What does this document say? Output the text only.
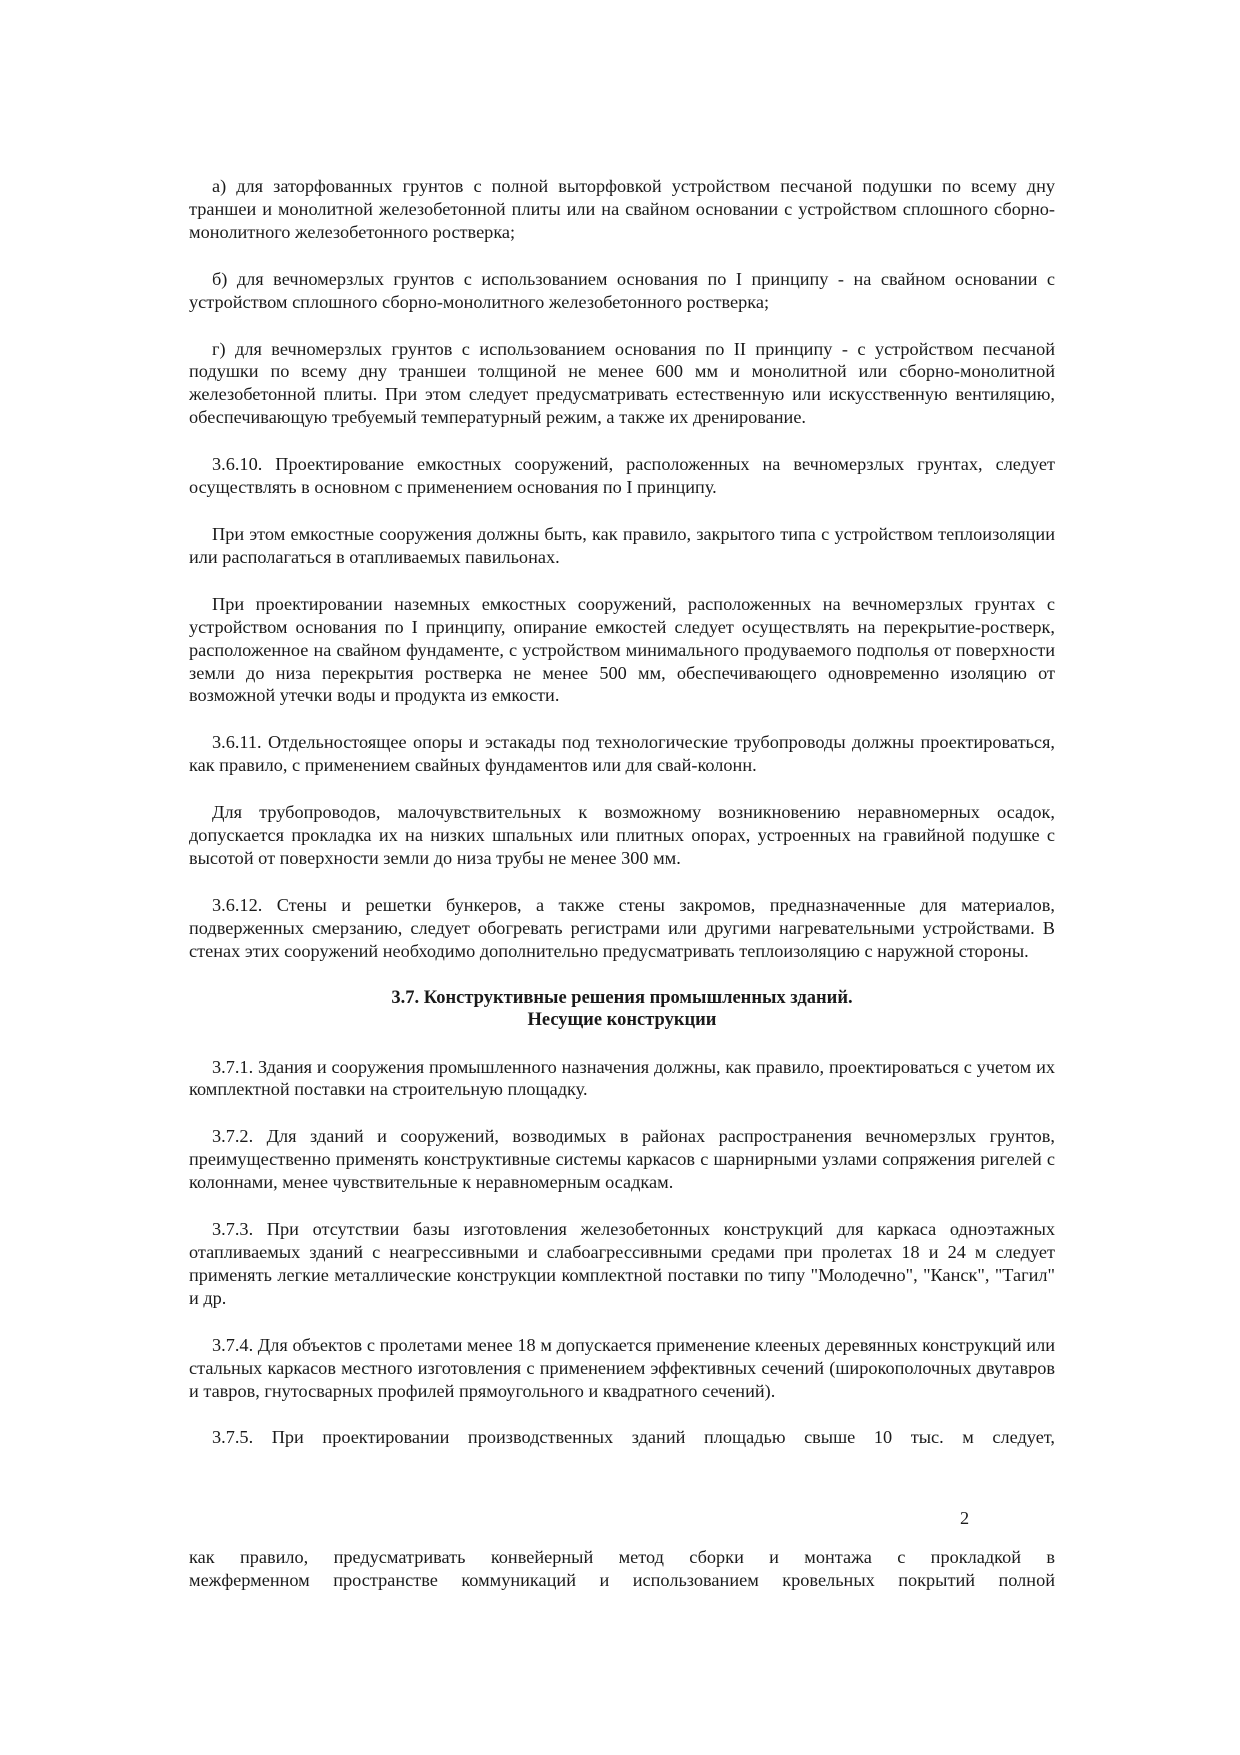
а) для заторфованных грунтов с полной выторфовкой устройством песчаной подушки по всему дну траншеи и монолитной железобетонной плиты или на свайном основании с устройством сплошного сборно-монолитного железобетонного ростверка;

б) для вечномерзлых грунтов с использованием основания по I принципу - на свайном основании с устройством сплошного сборно-монолитного железобетонного ростверка;

г) для вечномерзлых грунтов с использованием основания по II принципу - с устройством песчаной подушки по всему дну траншеи толщиной не менее 600 мм и монолитной или сборно-монолитной железобетонной плиты. При этом следует предусматривать естественную или искусственную вентиляцию, обеспечивающую требуемый температурный режим, а также их дренирование.

3.6.10. Проектирование емкостных сооружений, расположенных на вечномерзлых грунтах, следует осуществлять в основном с применением основания по I принципу.

При этом емкостные сооружения должны быть, как правило, закрытого типа с устройством теплоизоляции или располагаться в отапливаемых павильонах.

При проектировании наземных емкостных сооружений, расположенных на вечномерзлых грунтах с устройством основания по I принципу, опирание емкостей следует осуществлять на перекрытие-ростверк, расположенное на свайном фундаменте, с устройством минимального продуваемого подполья от поверхности земли до низа перекрытия ростверка не менее 500 мм, обеспечивающего одновременно изоляцию от возможной утечки воды и продукта из емкости.

3.6.11. Отдельностоящее опоры и эстакады под технологические трубопроводы должны проектироваться, как правило, с применением свайных фундаментов или для свай-колонн.

Для трубопроводов, малочувствительных к возможному возникновению неравномерных осадок, допускается прокладка их на низких шпальных или плитных опорах, устроенных на гравийной подушке с высотой от поверхности земли до низа трубы не менее 300 мм.

3.6.12. Стены и решетки бункеров, а также стены закромов, предназначенные для материалов, подверженных смерзанию, следует обогревать регистрами или другими нагревательными устройствами. В стенах этих сооружений необходимо дополнительно предусматривать теплоизоляцию с наружной стороны.

3.7. Конструктивные решения промышленных зданий.
Несущие конструкции

3.7.1. Здания и сооружения промышленного назначения должны, как правило, проектироваться с учетом их комплектной поставки на строительную площадку.

3.7.2. Для зданий и сооружений, возводимых в районах распространения вечномерзлых грунтов, преимущественно применять конструктивные системы каркасов с шарнирными узлами сопряжения ригелей с колоннами, менее чувствительные к неравномерным осадкам.

3.7.3. При отсутствии базы изготовления железобетонных конструкций для каркаса одноэтажных отапливаемых зданий с неагрессивными и слабоагрессивными средами при пролетах 18 и 24 м следует применять легкие металлические конструкции комплектной поставки по типу "Молодечно", "Канск", "Тагил" и др.

3.7.4. Для объектов с пролетами менее 18 м допускается применение клееных деревянных конструкций или стальных каркасов местного изготовления с применением эффективных сечений (широкополочных двутавров и тавров, гнутосварных профилей прямоугольного и квадратного сечений).

3.7.5. При проектировании производственных зданий площадью свыше 10 тыс. м следует,

2

как правило, предусматривать конвейерный метод сборки и монтажа с прокладкой в

межферменном пространстве коммуникаций и использованием кровельных покрытий полной
